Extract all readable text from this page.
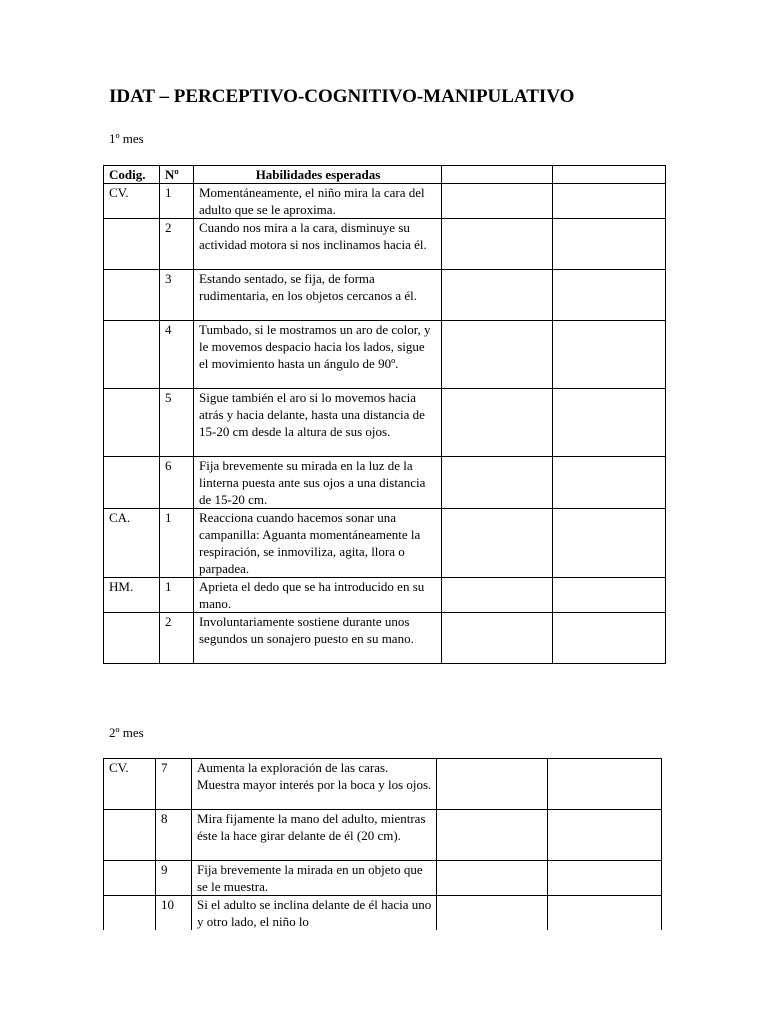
IDAT – PERCEPTIVO-COGNITIVO-MANIPULATIVO
1º mes
Codig.	Nº	Habilidades esperadas		
CV.	1	Momentáneamente, el niño mira la cara del adulto que se le aproxima.		
	2	Cuando nos mira a la cara, disminuye su actividad motora si nos inclinamos hacia él.		
	3	Estando sentado, se fija, de forma rudimentaria, en los objetos cercanos a él.		
	4	Tumbado, si le mostramos un aro de color, y le movemos despacio hacia los lados, sigue el movimiento hasta un ángulo de 90º.		
	5	Sigue también el aro si lo movemos hacia atrás y hacia delante, hasta una distancia de 15-20 cm desde la altura de sus ojos.		
	6	Fija brevemente su mirada en la luz de la linterna puesta ante sus ojos a una distancia de 15-20 cm.		
CA.	1	Reacciona cuando hacemos sonar una campanilla: Aguanta momentáneamente la respiración, se inmoviliza, agita, llora o parpadea.		
HM.	1	Aprieta el dedo que se ha introducido en su mano.		
	2	Involuntariamente sostiene durante unos segundos un sonajero puesto en su mano.		
2º mes
CV.	7	Aumenta la exploración de las caras. Muestra mayor interés por la boca y los ojos.		
	8	Mira fijamente la mano del adulto, mientras éste la hace girar delante de él (20 cm).		
	9	Fija brevemente la mirada en un objeto que se le muestra.		
	10	Si el adulto se inclina delante de él hacia uno y otro lado, el niño lo		
